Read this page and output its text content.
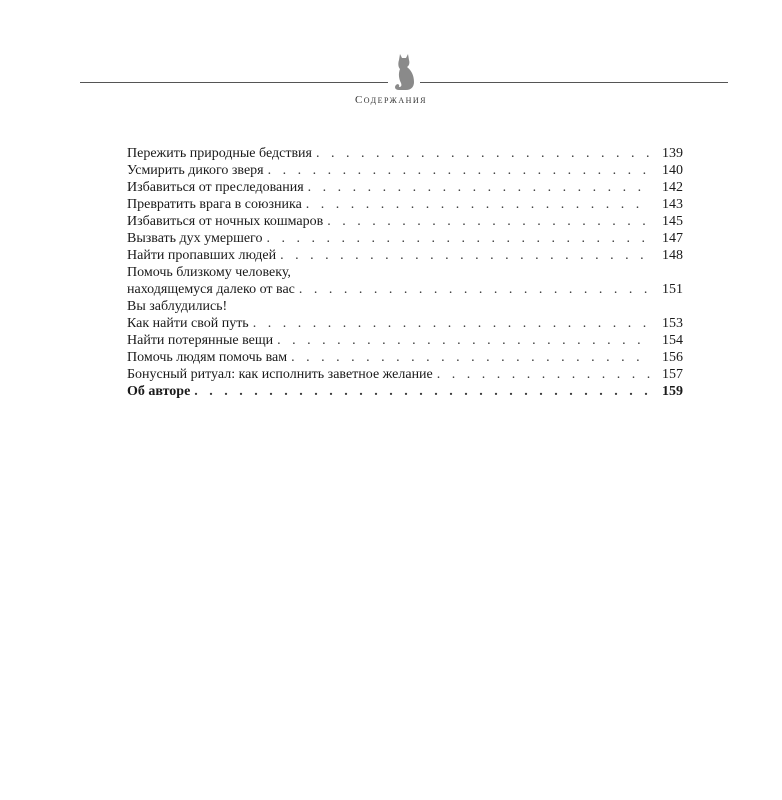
Содержания
Пережить природные бедствия . . .	139
Усмирить дикого зверя . . .	140
Избавиться от преследования . . .	142
Превратить врага в союзника . . .	143
Избавиться от ночных кошмаров . . .	145
Вызвать дух умершего . . .	147
Найти пропавших людей . . .	148
Помочь близкому человеку,
находящемуся далеко от вас . . .	151
Вы заблудились!
Как найти свой путь . . .	153
Найти потерянные вещи . . .	154
Помочь людям помочь вам . . .	156
Бонусный ритуал: как исполнить заветное желание . . .	157
Об авторе . . .	159
